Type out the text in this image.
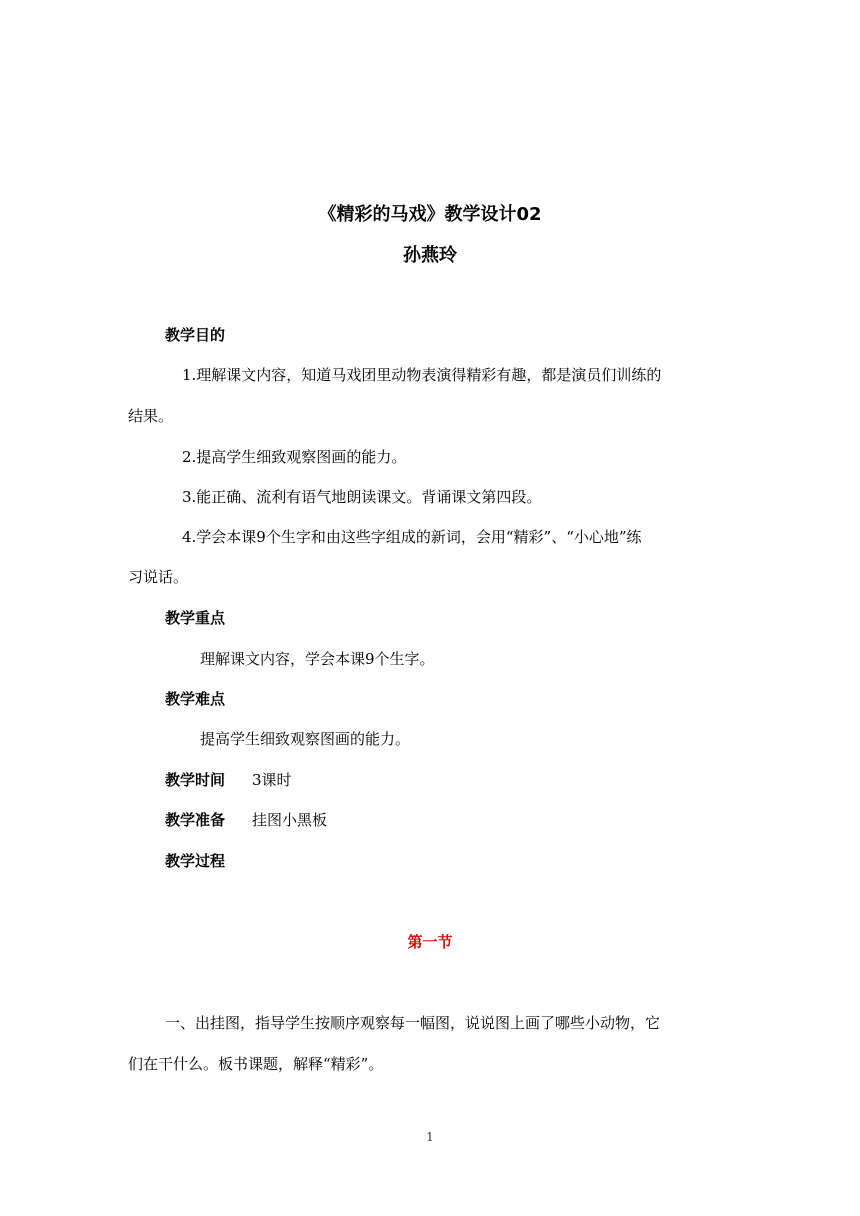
《精彩的马戏》教学设计02
孙燕玲
教学目的
1.理解课文内容，知道马戏团里动物表演得精彩有趣，都是演员们训练的
结果。
2.提高学生细致观察图画的能力。
3.能正确、流利有语气地朗读课文。背诵课文第四段。
4.学会本课9个生字和由这些字组成的新词，会用“精彩”、“小心地”练
习说话。
教学重点
理解课文内容，学会本课9个生字。
教学难点
提高学生细致观察图画的能力。
教学时间 3课时
教学准备 挂图小黑板
教学过程
第一节
一、出挂图，指导学生按顺序观察每一幅图，说说图上画了哪些小动物，它
们在干什么。板书课题，解释“精彩”。
1
